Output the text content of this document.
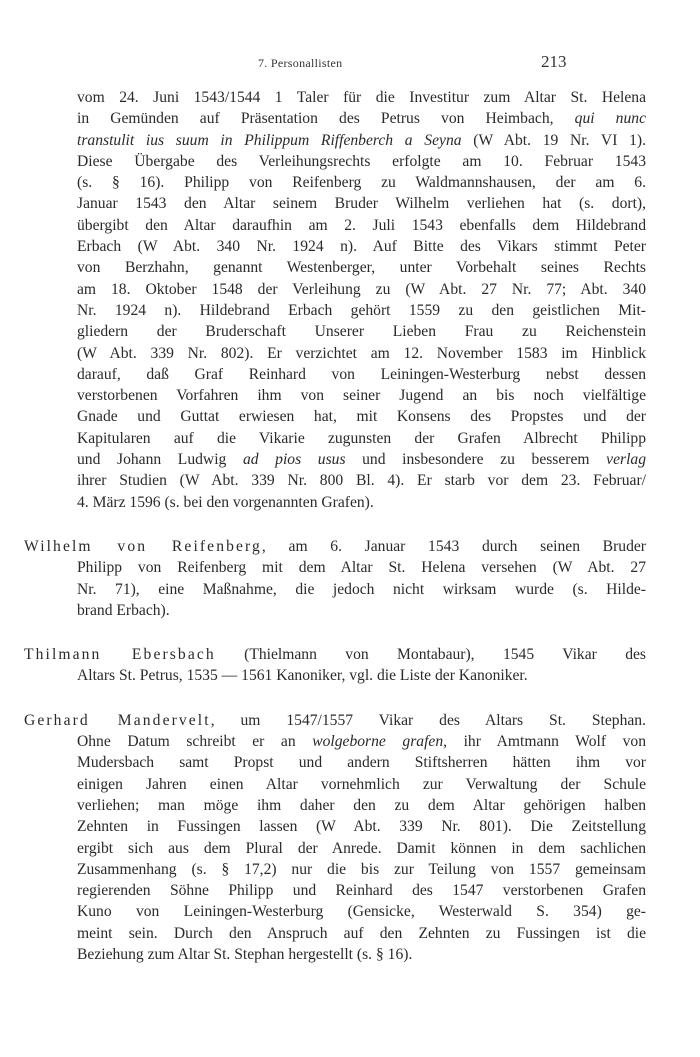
7. Personallisten	213
vom 24. Juni 1543/1544 1 Taler für die Investitur zum Altar St. Helena
in Gemünden auf Präsentation des Petrus von Heimbach, qui nunc
transtulit ius suum in Philippum Riffenberch a Seyna (W Abt. 19 Nr. VI 1).
Diese Übergabe des Verleihungsrechts erfolgte am 10. Februar 1543
(s. § 16). Philipp von Reifenberg zu Waldmannshausen, der am 6.
Januar 1543 den Altar seinem Bruder Wilhelm verliehen hat (s. dort),
übergibt den Altar daraufhin am 2. Juli 1543 ebenfalls dem Hildebrand
Erbach (W Abt. 340 Nr. 1924 n). Auf Bitte des Vikars stimmt Peter
von Berzhahn, genannt Westenberger, unter Vorbehalt seines Rechts
am 18. Oktober 1548 der Verleihung zu (W Abt. 27 Nr. 77; Abt. 340
Nr. 1924 n). Hildebrand Erbach gehört 1559 zu den geistlichen Mit-
gliedern der Bruderschaft Unserer Lieben Frau zu Reichenstein
(W Abt. 339 Nr. 802). Er verzichtet am 12. November 1583 im Hinblick
darauf, daß Graf Reinhard von Leiningen-Westerburg nebst dessen
verstorbenen Vorfahren ihm von seiner Jugend an bis noch vielfältige
Gnade und Guttat erwiesen hat, mit Konsens des Propstes und der
Kapitularen auf die Vikarie zugunsten der Grafen Albrecht Philipp
und Johann Ludwig ad pios usus und insbesondere zu besserem verlag
ihrer Studien (W Abt. 339 Nr. 800 Bl. 4). Er starb vor dem 23. Februar/
4. März 1596 (s. bei den vorgenannten Grafen).
Wilhelm von Reifenberg, am 6. Januar 1543 durch seinen Bruder
Philipp von Reifenberg mit dem Altar St. Helena versehen (W Abt. 27
Nr. 71), eine Maßnahme, die jedoch nicht wirksam wurde (s. Hilde-
brand Erbach).
Thilmann Ebersbach (Thielmann von Montabaur), 1545 Vikar des
Altars St. Petrus, 1535 — 1561 Kanoniker, vgl. die Liste der Kanoniker.
Gerhard Mandervelt, um 1547/1557 Vikar des Altars St. Stephan.
Ohne Datum schreibt er an wolgeborne grafen, ihr Amtmann Wolf von
Mudersbach samt Propst und andern Stiftsherren hätten ihm vor
einigen Jahren einen Altar vornehmlich zur Verwaltung der Schule
verliehen; man möge ihm daher den zu dem Altar gehörigen halben
Zehnten in Fussingen lassen (W Abt. 339 Nr. 801). Die Zeitstellung
ergibt sich aus dem Plural der Anrede. Damit können in dem sachlichen
Zusammenhang (s. § 17,2) nur die bis zur Teilung von 1557 gemeinsam
regierenden Söhne Philipp und Reinhard des 1547 verstorbenen Grafen
Kuno von Leiningen-Westerburg (Gensicke, Westerwald S. 354) ge-
meint sein. Durch den Anspruch auf den Zehnten zu Fussingen ist die
Beziehung zum Altar St. Stephan hergestellt (s. § 16).
